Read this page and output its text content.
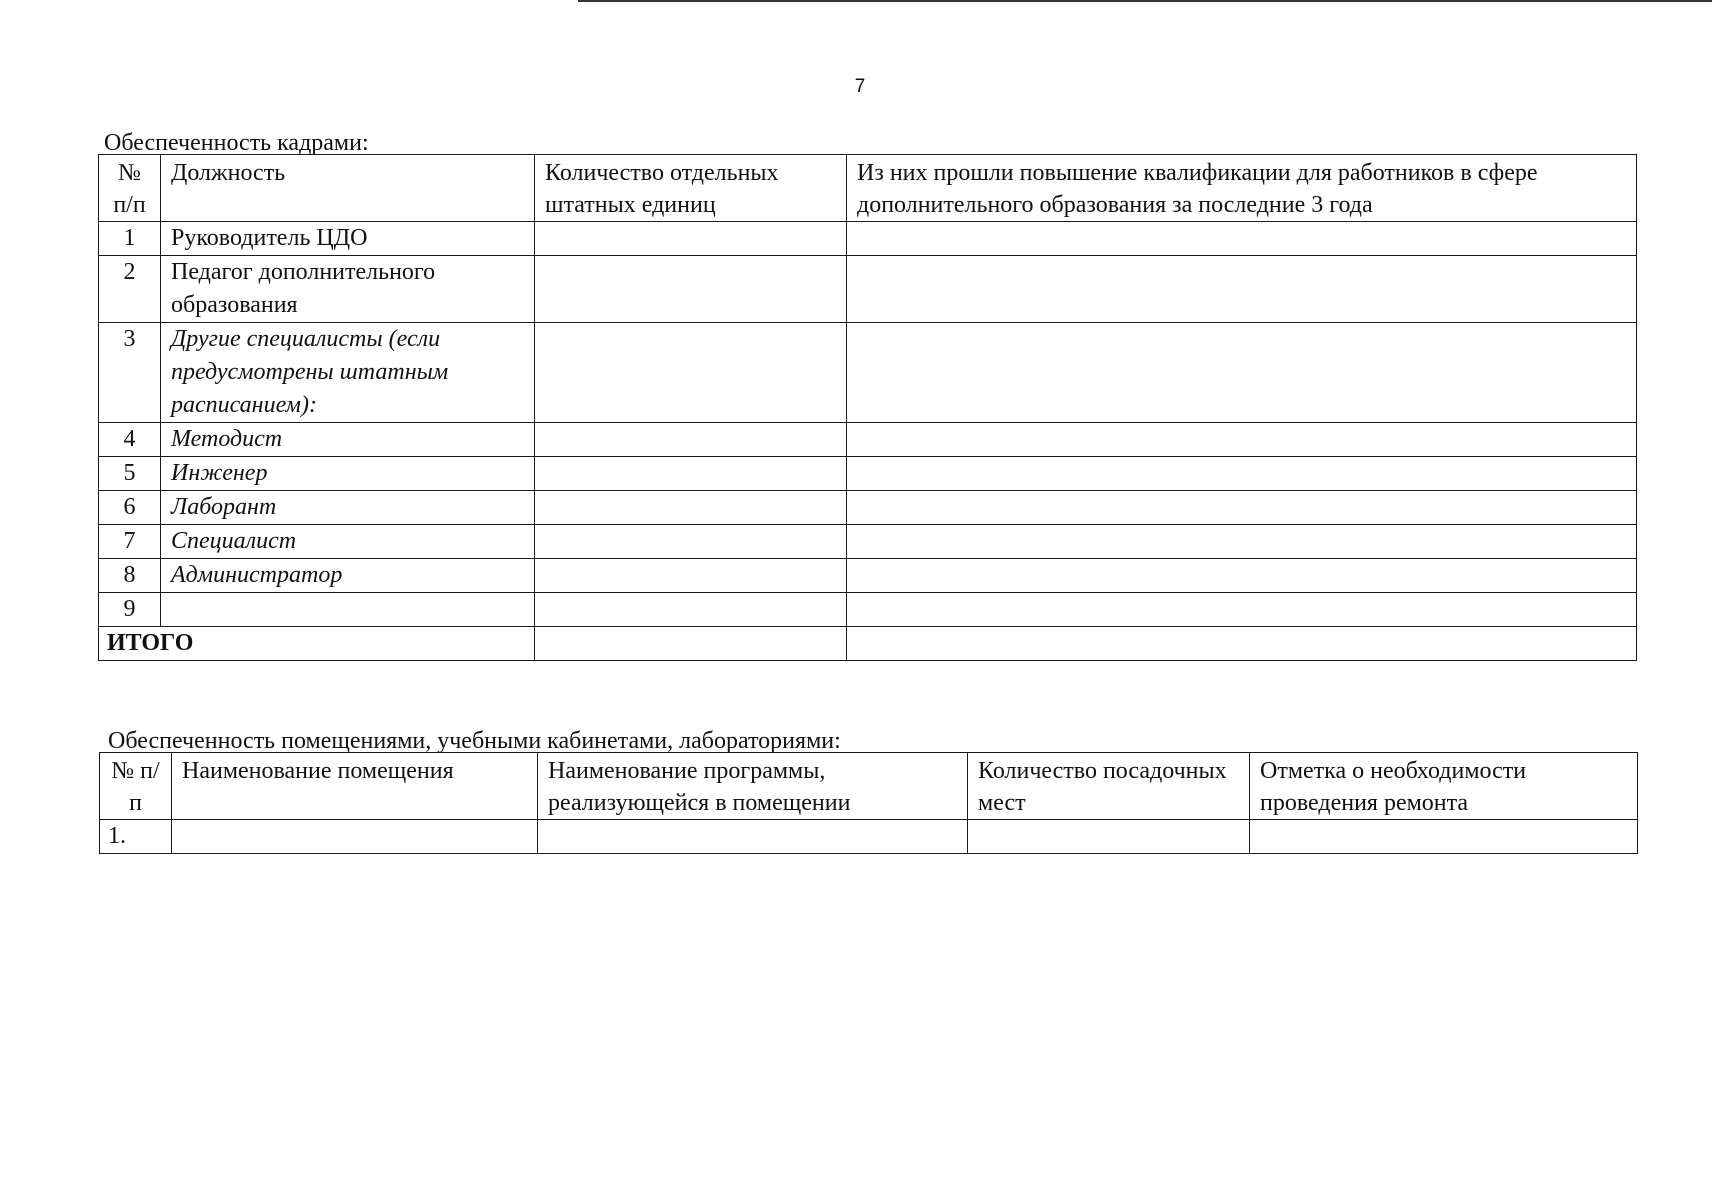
7
Обеспеченность кадрами:
№ п/п	Должность	Количество отдельных штатных единиц	Из них прошли повышение квалификации для работников в сфере дополнительного образования за последние 3 года
1	Руководитель ЦДО		
2	Педагог дополнительного образования		
3	Другие специалисты (если предусмотрены штатным расписанием):		
4	Методист		
5	Инженер		
6	Лаборант		
7	Специалист		
8	Администратор		
9			
ИТОГО			
Обеспеченность помещениями, учебными кабинетами, лабораториями:
№ п/п	Наименование помещения	Наименование программы, реализующейся в помещении	Количество посадочных мест	Отметка о необходимости проведения ремонта
1.				
